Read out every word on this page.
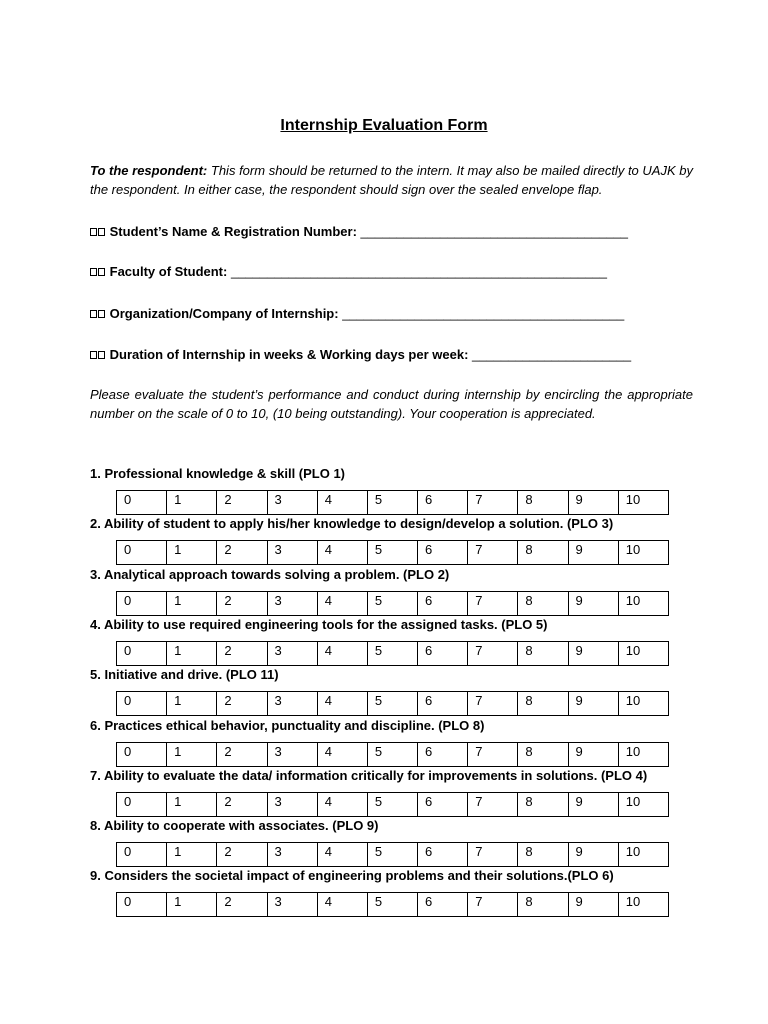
Internship Evaluation Form
To the respondent: This form should be returned to the intern. It may also be mailed directly to UAJK by the respondent. In either case, the respondent should sign over the sealed envelope flap.
Student’s Name & Registration Number: _____________________________________
Faculty of Student: ____________________________________________________
Organization/Company of Internship: _______________________________________
Duration of Internship in weeks & Working days per week: ______________________
Please evaluate the student’s performance and conduct during internship by encircling the appropriate number on the scale of 0 to 10, (10 being outstanding). Your cooperation is appreciated.
1. Professional knowledge & skill (PLO 1)
0	1	2	3	4	5	6	7	8	9	10
2. Ability of student to apply his/her knowledge to design/develop a solution. (PLO 3)
0	1	2	3	4	5	6	7	8	9	10
3. Analytical approach towards solving a problem. (PLO 2)
0	1	2	3	4	5	6	7	8	9	10
4. Ability to use required engineering tools for the assigned tasks. (PLO 5)
0	1	2	3	4	5	6	7	8	9	10
5. Initiative and drive. (PLO 11)
0	1	2	3	4	5	6	7	8	9	10
6. Practices ethical behavior, punctuality and discipline. (PLO 8)
0	1	2	3	4	5	6	7	8	9	10
7. Ability to evaluate the data/ information critically for improvements in solutions. (PLO 4)
0	1	2	3	4	5	6	7	8	9	10
8. Ability to cooperate with associates. (PLO 9)
0	1	2	3	4	5	6	7	8	9	10
9. Considers the societal impact of engineering problems and their solutions.(PLO 6)
0	1	2	3	4	5	6	7	8	9	10
